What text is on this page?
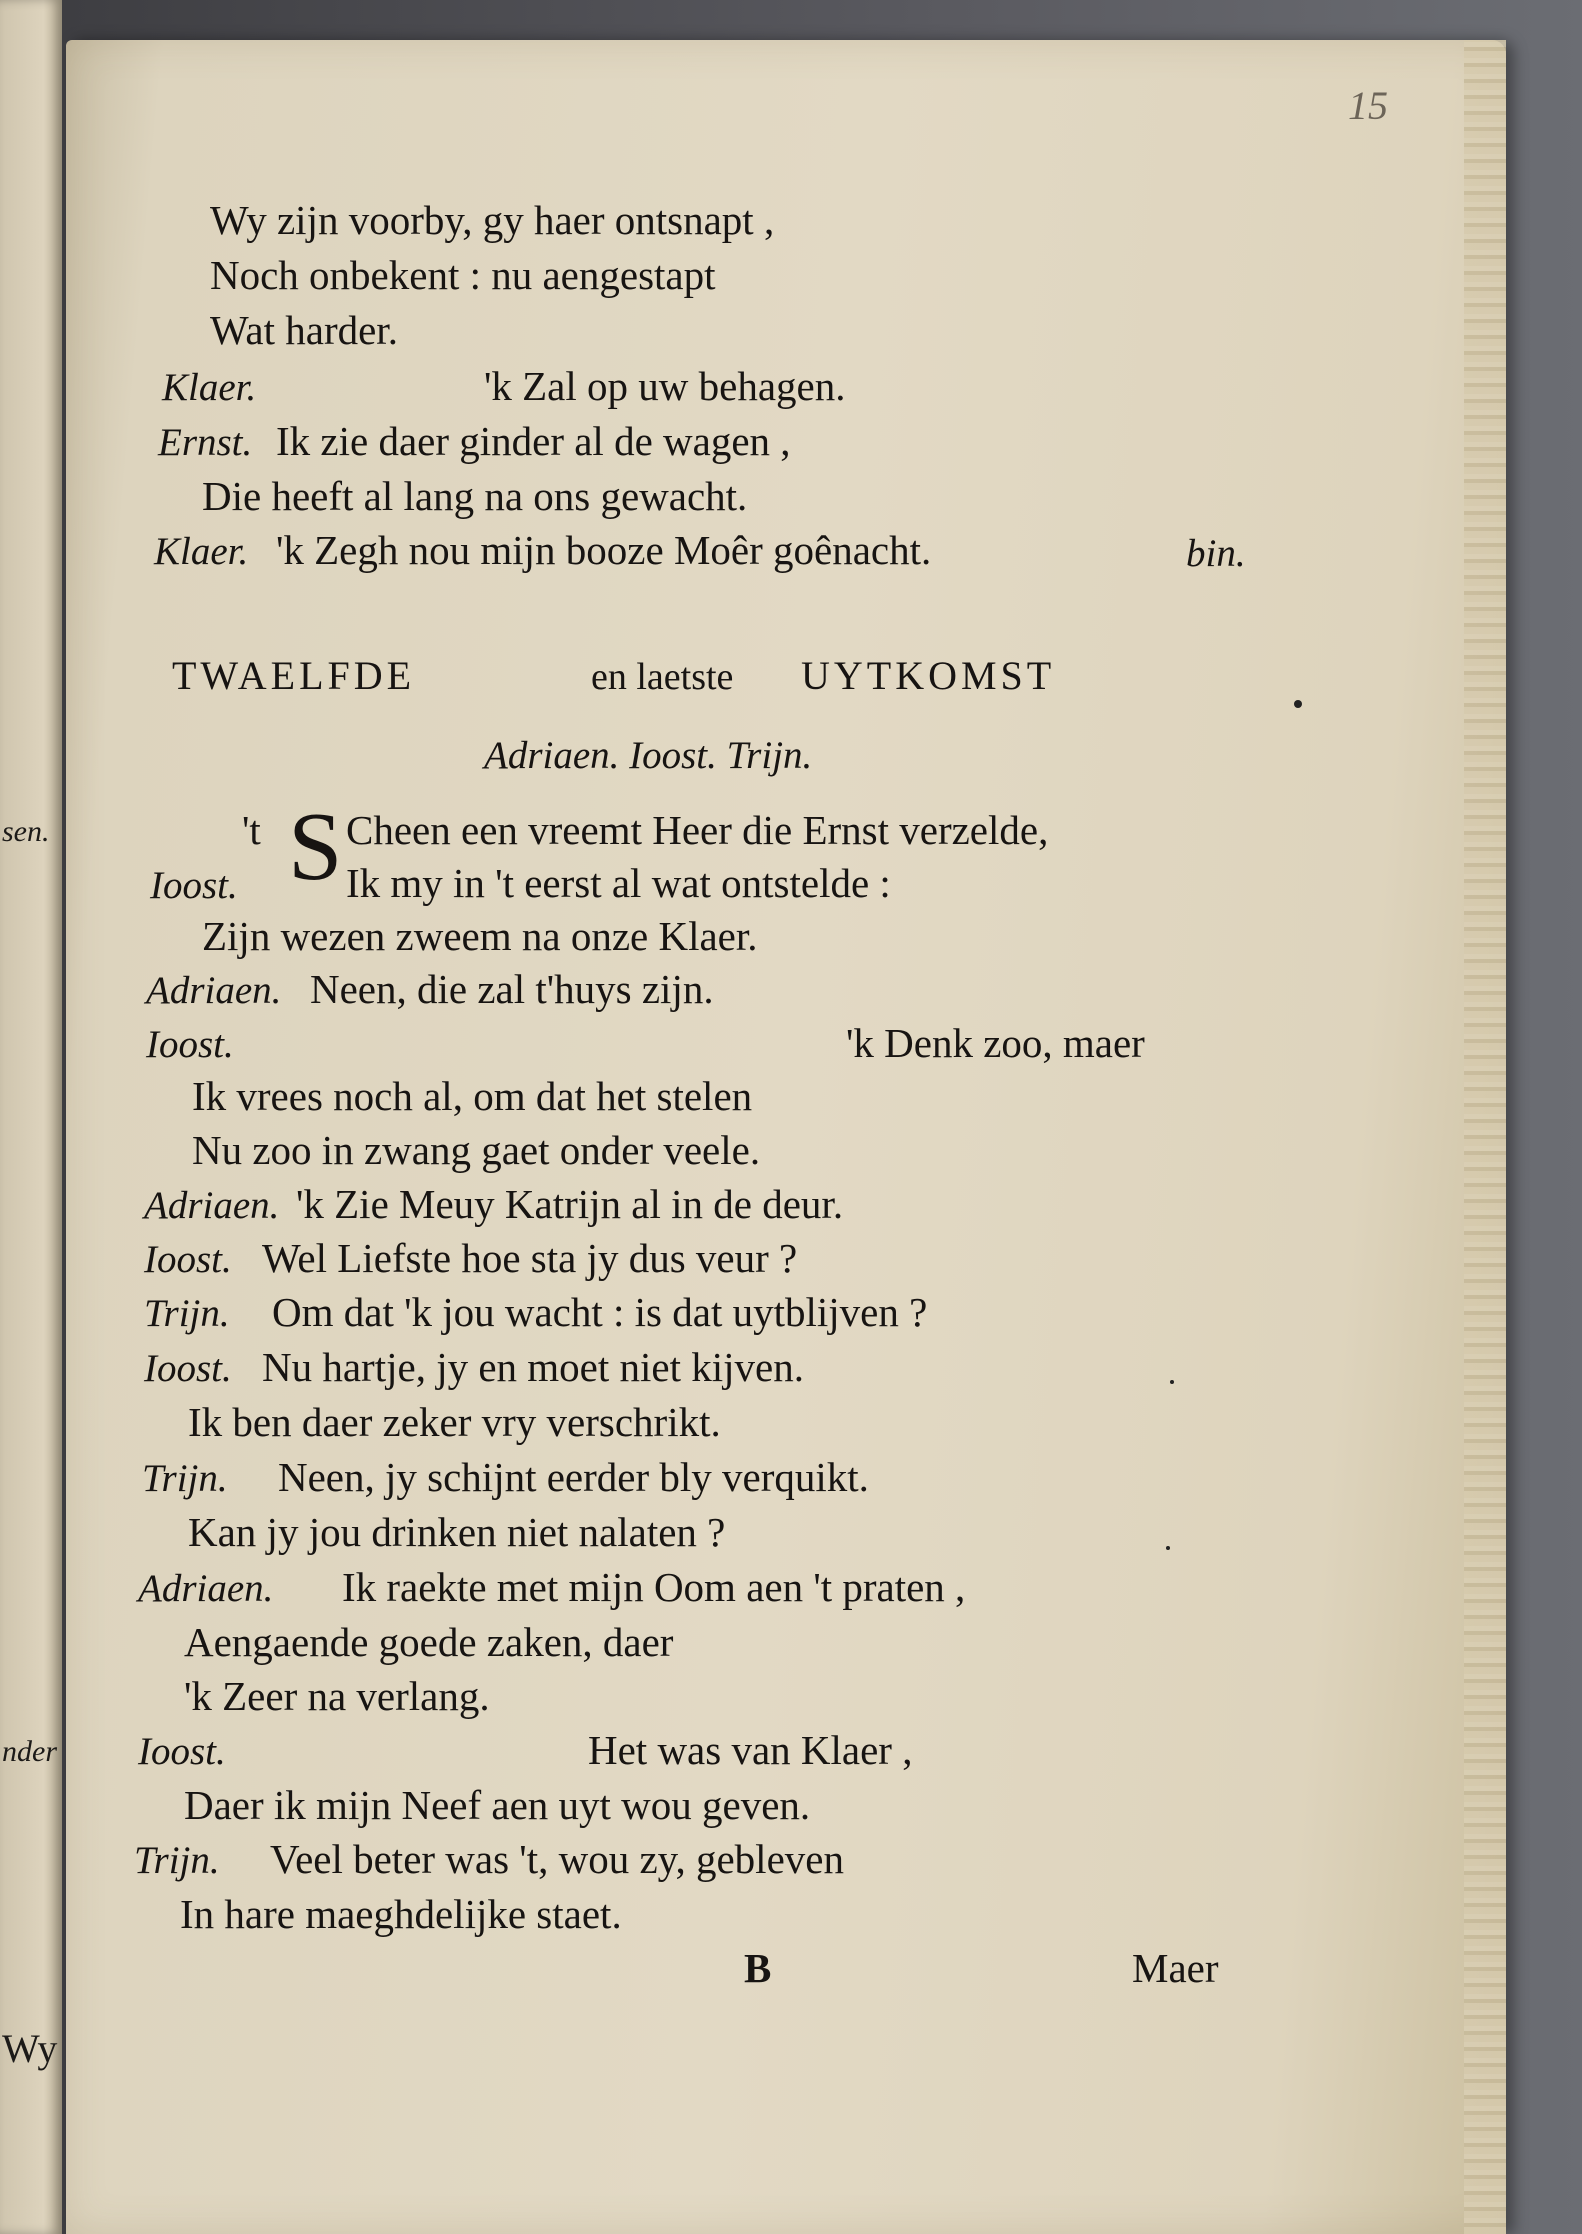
sen.
nder
Wy
15
Wy zijn voorby, gy haer ontsnapt ,
Noch onbekent : nu aengestapt
Wat harder.
Klaer.	'k Zal op uw behagen.
Ernst. Ik zie daer ginder al de wagen ,
Die heeft al lang na ons gewacht.
Klaer. 'k Zegh nou mijn booze Moêr goênacht.	bin.
TWAELFDE	en laetste UYTKOMST
Adriaen. Ioost. Trijn.
't S Cheen een vreemt Heer die Ernst verzelde,
Ioost.	Ik my in 't eerst al wat ontstelde :
Zijn wezen zweem na onze Klaer.
Adriaen. Neen, die zal t'huys zijn.
Ioost.	'k Denk zoo, maer
Ik vrees noch al, om dat het stelen
Nu zoo in zwang gaet onder veele.
Adriaen. 'k Zie Meuy Katrijn al in de deur.
Ioost. Wel Liefste hoe sta jy dus veur ?
Trijn. Om dat 'k jou wacht : is dat uytblijven ?
Ioost. Nu hartje, jy en moet niet kijven.
Ik ben daer zeker vry verschrikt.
Trijn. Neen, jy schijnt eerder bly verquikt.
Kan jy jou drinken niet nalaten ?
Adriaen. Ik raekte met mijn Oom aen 't praten ,
Aengaende goede zaken, daer
'k Zeer na verlang.
Ioost.	Het was van Klaer ,
Daer ik mijn Neef aen uyt wou geven.
Trijn. Veel beter was 't, wou zy, gebleven
In hare maeghdelijke staet.
B	Maer
